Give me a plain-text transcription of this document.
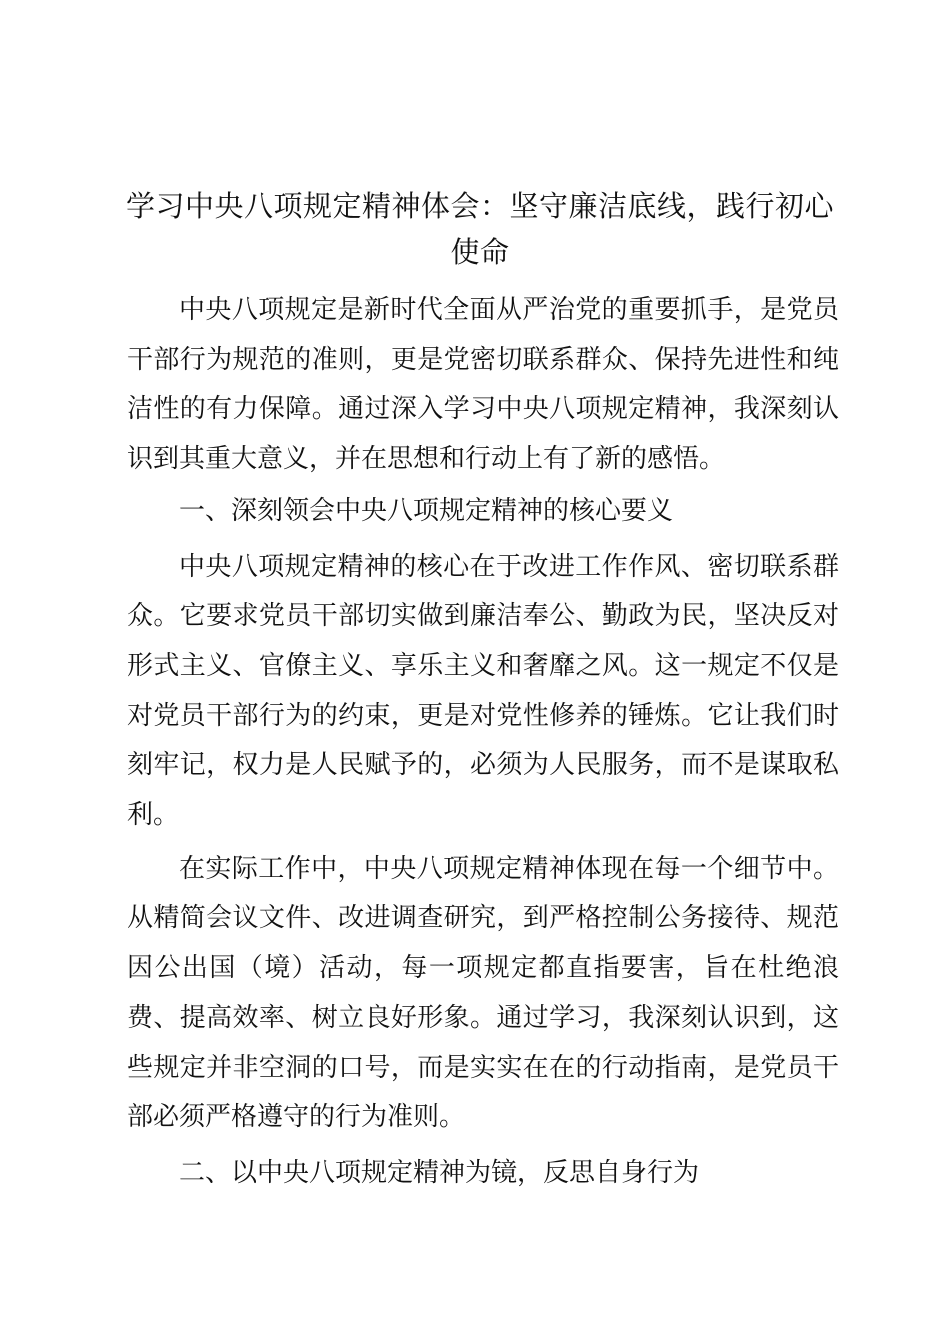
学习中央八项规定精神体会：坚守廉洁底线，践行初心使命

中央八项规定是新时代全面从严治党的重要抓手，是党员干部行为规范的准则，更是党密切联系群众、保持先进性和纯洁性的有力保障。通过深入学习中央八项规定精神，我深刻认识到其重大意义，并在思想和行动上有了新的感悟。

一、深刻领会中央八项规定精神的核心要义

中央八项规定精神的核心在于改进工作作风、密切联系群众。它要求党员干部切实做到廉洁奉公、勤政为民，坚决反对形式主义、官僚主义、享乐主义和奢靡之风。这一规定不仅是对党员干部行为的约束，更是对党性修养的锤炼。它让我们时刻牢记，权力是人民赋予的，必须为人民服务，而不是谋取私利。

在实际工作中，中央八项规定精神体现在每一个细节中。从精简会议文件、改进调查研究，到严格控制公务接待、规范因公出国（境）活动，每一项规定都直指要害，旨在杜绝浪费、提高效率、树立良好形象。通过学习，我深刻认识到，这些规定并非空洞的口号，而是实实在在的行动指南，是党员干部必须严格遵守的行为准则。

二、以中央八项规定精神为镜，反思自身行为
